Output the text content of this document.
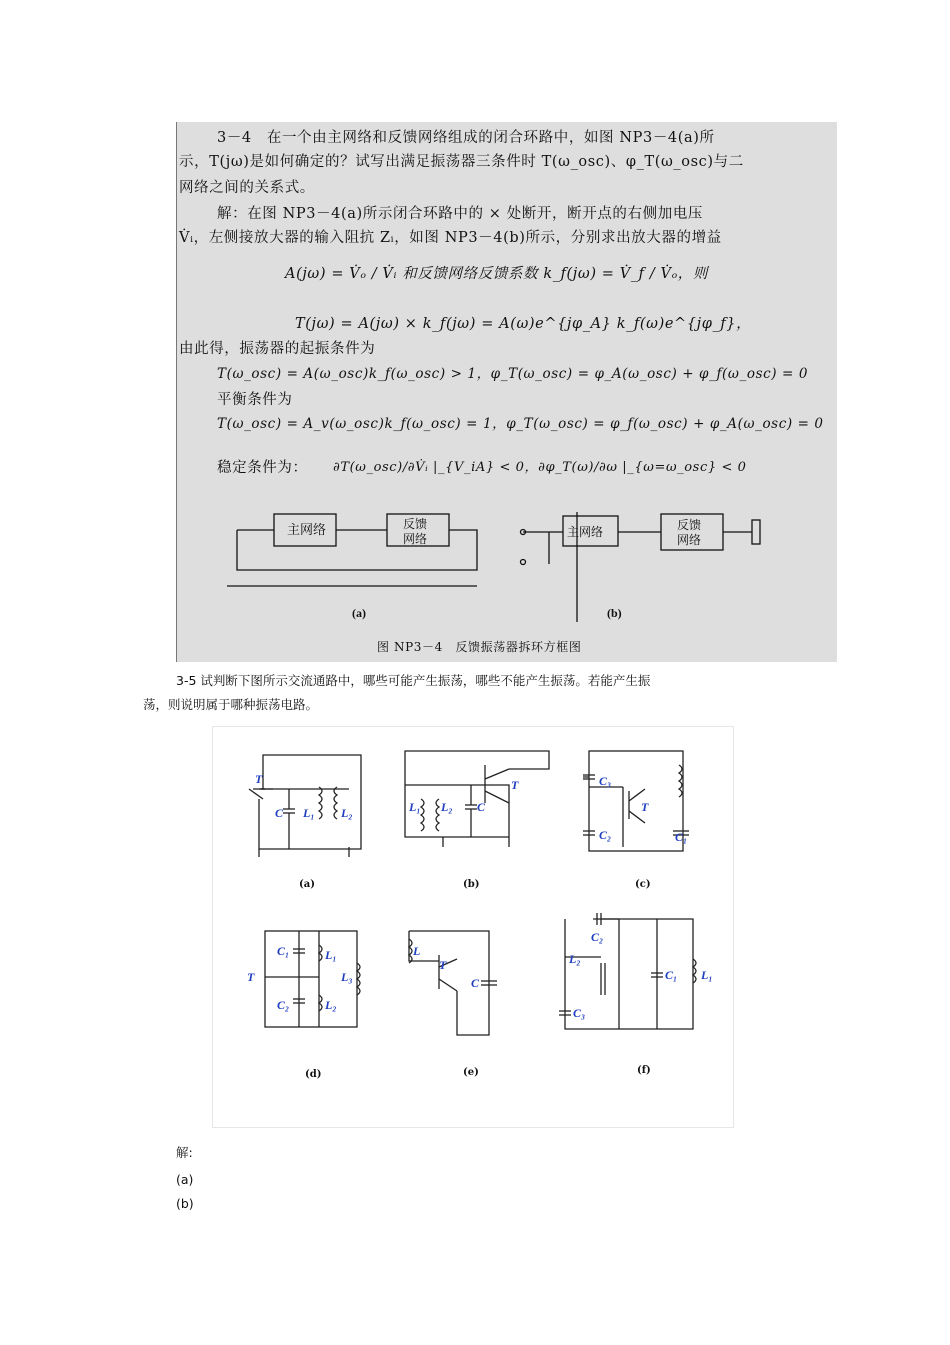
3－4　在一个由主网络和反馈网络组成的闭合环路中，如图 NP3－4(a)所
示，T(jω)是如何确定的？试写出满足振荡器三条件时 T(ω_osc)、φ_T(ω_osc)与二
网络之间的关系式。
解：在图 NP3－4(a)所示闭合环路中的 × 处断开，断开点的右侧加电压
V̇ᵢ，左侧接放大器的输入阻抗 Zᵢ，如图 NP3－4(b)所示，分别求出放大器的增益
A(jω) = V̇ₒ / V̇ᵢ 和反馈网络反馈系数 k_f(jω) = V̇_f / V̇ₒ，则
T(jω) = A(jω) × k_f(jω) = A(ω)e^{jφ_A} k_f(ω)e^{jφ_f}，
由此得，振荡器的起振条件为
T(ω_osc) = A(ω_osc)k_f(ω_osc) > 1，φ_T(ω_osc) = φ_A(ω_osc) + φ_f(ω_osc) = 0
平衡条件为
T(ω_osc) = A_v(ω_osc)k_f(ω_osc) = 1，φ_T(ω_osc) = φ_f(ω_osc) + φ_A(ω_osc) = 0
稳定条件为： ∂T(ω_osc)/∂V̇ᵢ |_{V_iA} < 0，∂φ_T(ω)/∂ω |_{ω=ω_osc} < 0
主网络	反馈
网络	主网络	反馈
网络
(a)	(b)
图 NP3－4　反馈振荡器拆环方框图
3-5 试判断下图所示交流通路中，哪些可能产生振荡，哪些不能产生振荡。若能产生振
荡，则说明属于哪种振荡电路。
T
C L₁ L₂
T
L₁ L₂ C
C₃
T
C₂	C₁
T
C₁
C₂
L₁
L₂
L₃
L
T
C
C₂
L₂
C₃
C₁ L₁
(a)	(b)	(c)
(d)	(e)	(f)
解:
(a)
(b)
